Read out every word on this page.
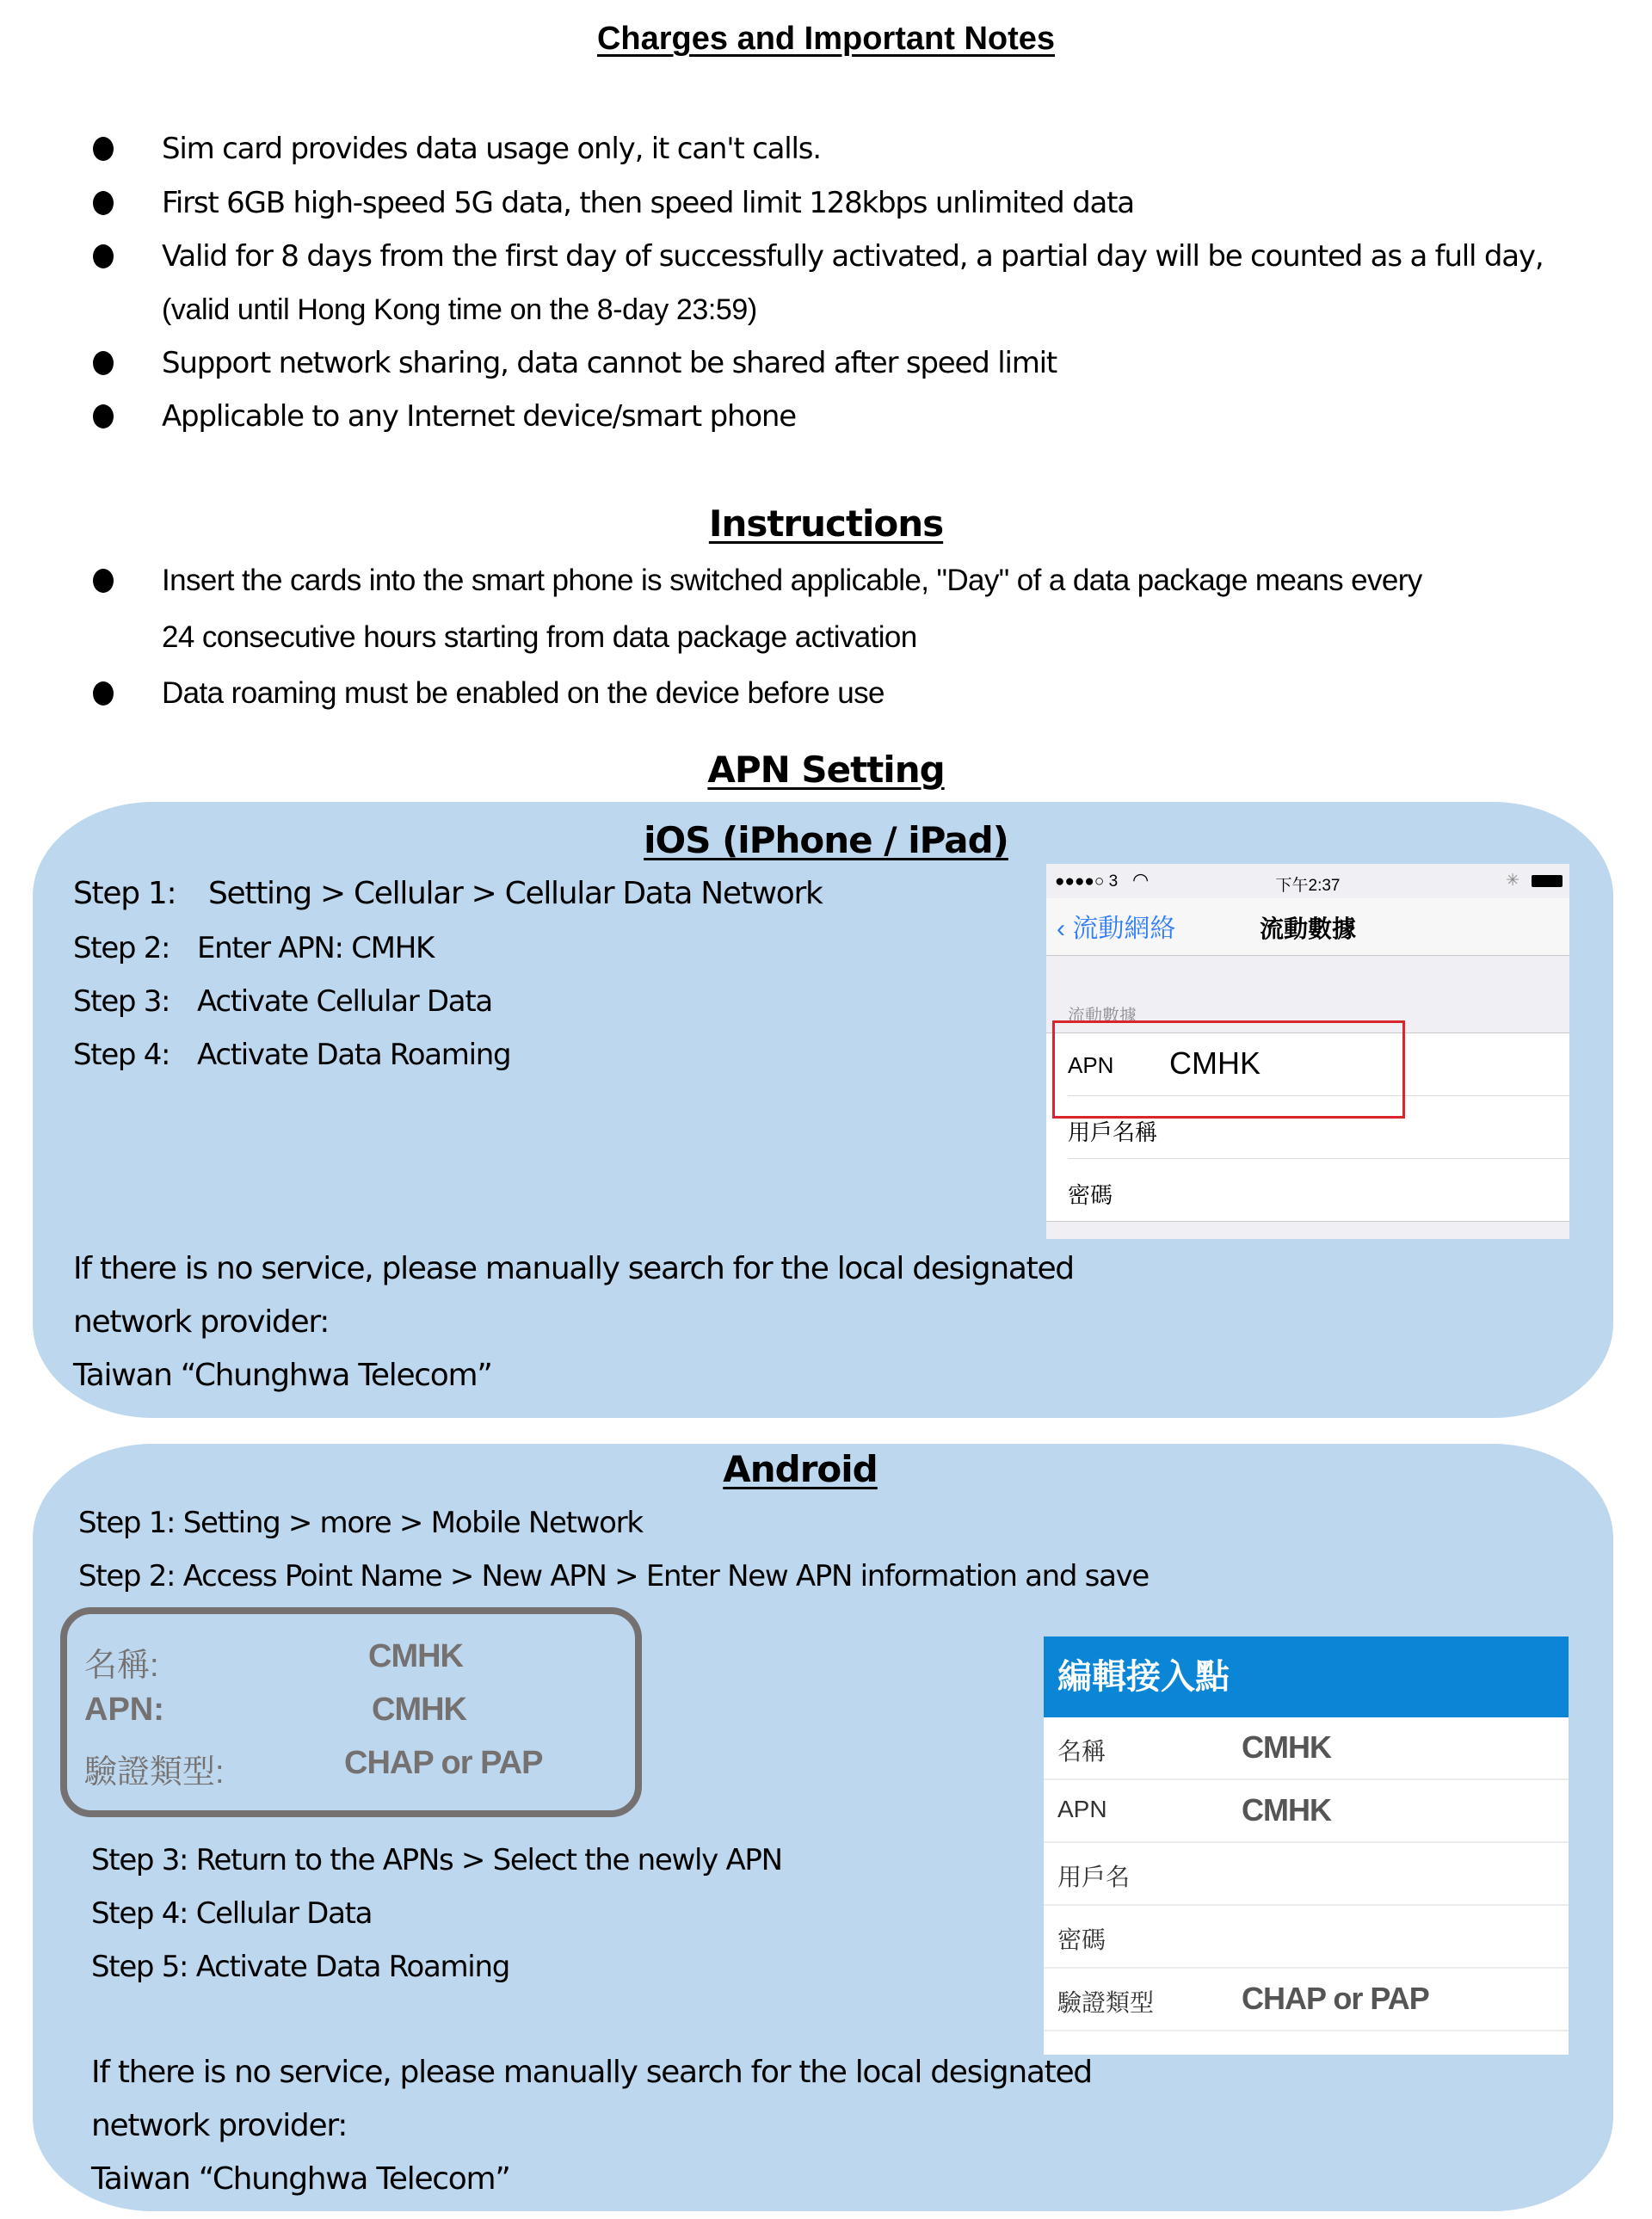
Charges and Important Notes
Sim card provides data usage only, it can't calls.
First 6GB high-speed 5G data, then speed limit 128kbps unlimited data
Valid for 8 days from the first day of successfully activated, a partial day will be counted as a full day,
(valid until Hong Kong time on the 8-day 23:59)
Support network sharing, data cannot be shared after speed limit
Applicable to any Internet device/smart phone
Instructions
Insert the cards into the smart phone is switched applicable, "Day" of a data package means every
24 consecutive hours starting from data package activation
Data roaming must be enabled on the device before use
APN Setting
iOS (iPhone / iPad)
Step 1: Setting > Cellular > Cellular Data Network
Step 2: Enter APN: CMHK
Step 3: Activate Cellular Data
Step 4: Activate Data Roaming
●●●●○ 3 ◠	下午2:37	✳
‹ 流動網絡	流動數據
流動數據
APN CMHK
用戶名稱
密碼
If there is no service, please manually search for the local designated
network provider:
Taiwan “Chunghwa Telecom”
Android
Step 1: Setting > more > Mobile Network
Step 2: Access Point Name > New APN > Enter New APN information and save
名稱:	CMHK
APN:	CMHK
驗證類型:	CHAP or PAP
Step 3: Return to the APNs > Select the newly APN
Step 4: Cellular Data
Step 5: Activate Data Roaming
編輯接入點
名稱	CMHK
APN	CMHK
用戶名
密碼
驗證類型	CHAP or PAP
If there is no service, please manually search for the local designated
network provider:
Taiwan “Chunghwa Telecom”
